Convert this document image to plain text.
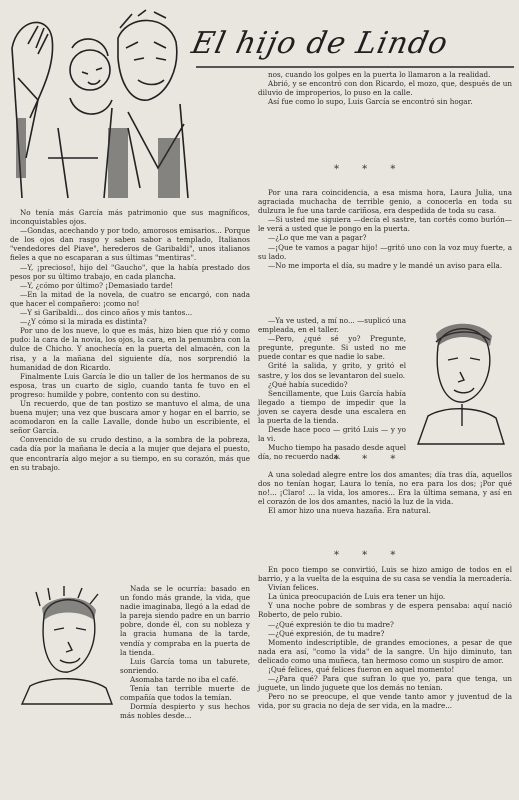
El hijo de Lindo

nos, cuando los golpes en la puerta lo llamaron a la realidad.

Abrió, y se encontró con don Ricardo, el mozo, que, después de un diluvio de improperios, lo puso en la calle.

Así fue como lo supo, Luis García se encontró sin hogar.

* * *

Por una rara coincidencia, a esa misma hora, Laura Julia, una agraciada muchacha de terrible genio, a conocerla en toda su dulzura le fue una tarde cariñosa, era despedida de toda su casa.

—Si usted me siguiera —decía el sastre, tan cortés como burlón— le verá a usted que le pongo en la puerta.

—¿Lo que me van a pagar?

—¡Que te vamos a pagar hijo! —gritó uno con la voz muy fuerte, a su lado.

—No me importa el día, su madre y le mandé un aviso para ella.

—Ya ve usted, a mí no... —suplicó una empleada, en el taller.

—Pero, ¿qué sé yo? Pregunte, pregunte, pregunte. Si usted no me puede contar es que nadie lo sabe.

Grité la salida, y grito, y gritó el sastre, y los dos se levantaron del suelo.

¿Qué había sucedido?

Sencillamente, que Luis García había llegado a tiempo de impedir que la joven se cayera desde una escalera en la puerta de la tienda.

Desde hace poco — gritó Luis — y yo la vi.

Mucho tiempo ha pasado desde aquel día, no recuerdo nada.

* * *

A una soledad alegre entre los dos amantes; día tras día, aquellos dos no tenían hogar, Laura lo tenía, no era para los dos; ¡Por qué no!... ¡Claro! ... la vida, los amores... Era la última semana, y así en el corazón de los dos amantes, nació la luz de la vida.

El amor hizo una nueva hazaña. Era natural.

* * *

En poco tiempo se convirtió, Luis se hizo amigo de todos en el barrio, y a la vuelta de la esquina de su casa se vendía la mercadería.

Vivían felices.

La única preocupación de Luis era tener un hijo.

Y una noche pobre de sombras y de espera pensaba: aquí nació Roberto, de pelo rubio.

—¿Qué expresión te dio tu madre?

—¿Qué expresión, de tu madre?

Momento indescriptible, de grandes emociones, a pesar de que nada era así, "como la vida" de la sangre. Un hijo diminuto, tan delicado como una muñeca, tan hermoso como un suspiro de amor.

¡Qué felices, qué felices fueron en aquel momento!

—¿Para qué? Para que sufran lo que yo, para que tenga, un juguete, un lindo juguete que los demás no tenían.

Pero no se preocupe, el que vende tanto amor y juventud de la vida, por su gracia no deja de ser vida, en la madre...

No tenía más García más patrimonio que sus magníficos, inconquistables ojos.

—Gondas, acechando y por todo, amorosos emisarios... Porque de los ojos dan rasgo y saben sabor a templado, Italianos "vendedores del Piave", herederos de Garibaldi", unos italianos fieles a que no escaparan a sus últimas "mentiras".

—Y, ¡precioso!, hijo del "Gaucho", que la había prestado dos pesos por su último trabajo, en cada plancha.

—Y, ¿cómo por último? ¡Demasiado tarde!

—En la mitad de la novela, de cuatro se encargó, con nada que hacer el compañero: ¡como no!

—Y si Garibaldi... dos cinco años y mis tantos...

—¿Y cómo si la mirada es distinta?

Por uno de los nueve, lo que es más, hizo bien que rió y como pudo: la cara de la novia, los ojos, la cara, en la penumbra con la dulce de Chicho. Y anochecía en la puerta del almacén, con la risa, y a la mañana del siguiente día, nos sorprendió la humanidad de don Ricardo.

Finalmente Luis García le dio un taller de los hermanos de su esposa, tras un cuarto de siglo, cuando tanta fe tuvo en el progreso: humilde y pobre, contento con su destino.

Un recuerdo, que de tan postizo se mantuvo el alma, de una buena mujer; una vez que buscara amor y hogar en el barrio, se acomodaron en la calle Lavalle, donde hubo un escribiente, el señor García.

Convencido de su crudo destino, a la sombra de la pobreza, cada día por la mañana le decía a la mujer que dejara el puesto, que encontraría algo mejor a su tiempo, en su corazón, más que en su trabajo.

Nada se le ocurría: basado en un fondo más grande, la vida, que nadie imaginaba, llegó a la edad de la pareja siendo padre en un barrio pobre, donde él, con su nobleza y la gracia humana de la tarde, vendía y compraba en la puerta de la tienda.

Luis García toma un taburete, sonriendo.

Asomaba tarde no iba el café.

Tenía tan terrible muerte de compañía que todos la temían.

Dormía despierto y sus hechos más nobles desde...
